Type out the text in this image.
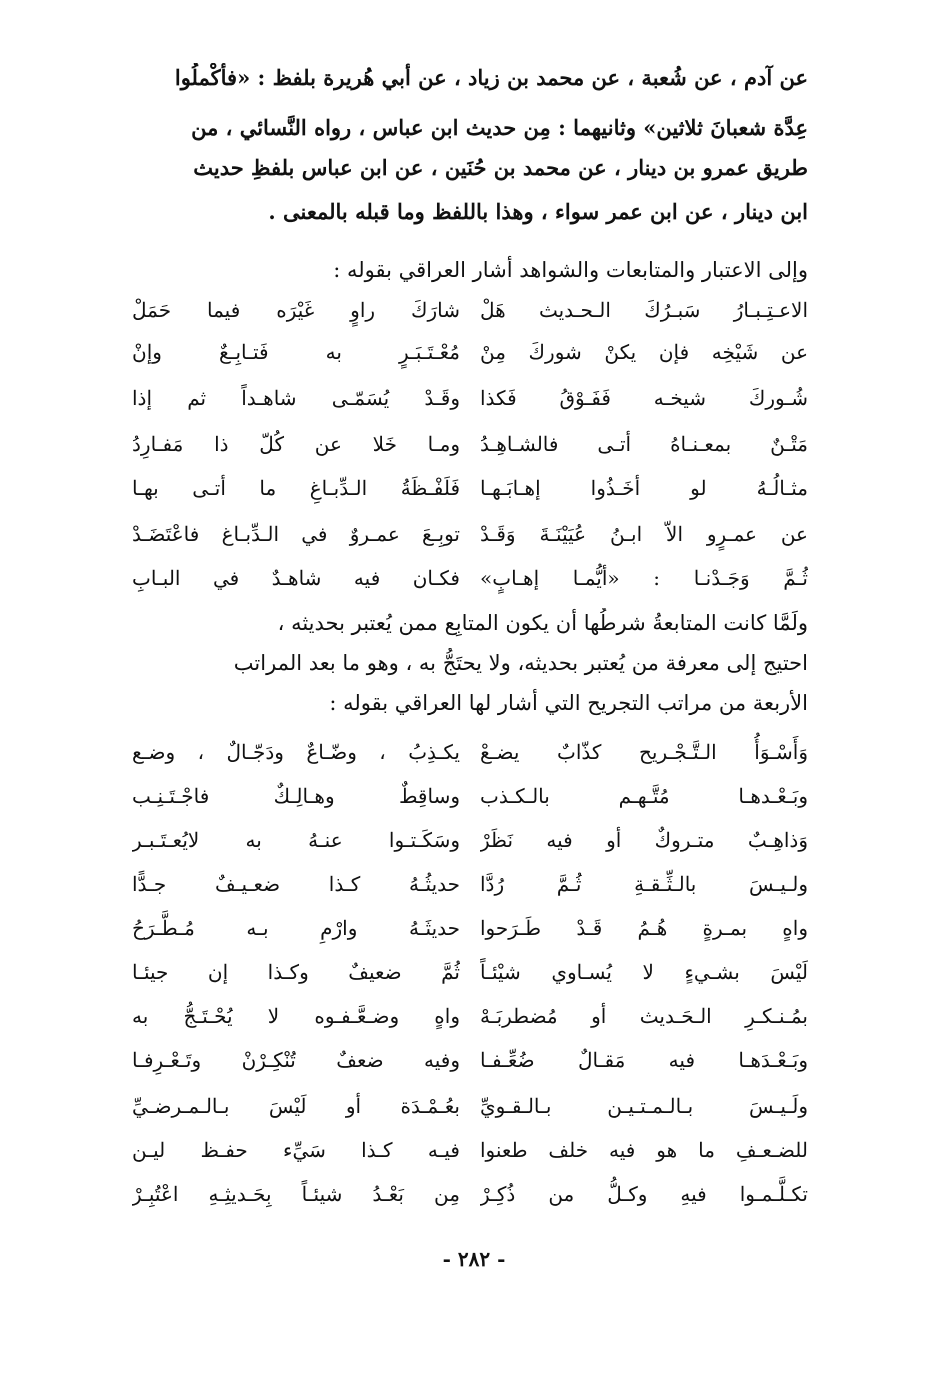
عن آدم ، عن شُعبة ، عن محمد بن زياد ، عن أبي هُريرة بلفظ : «فأكْملُوا
عِدَّة شعبانَ ثلاثين» وثانيهما : مِن حديث ابن عباس ، رواه النَّسائي ، من
طريق عمرو بن دينار ، عن محمد بن حُنَين ، عن ابن عباس بلفظِ حديث
ابن دينار ، عن ابن عمر سواء ، وهذا باللفظ وما قبله بالمعنى .
وإلى الاعتبار والمتابعات والشواهد أشار العراقي بقوله :
الاعـتِـبـارُ سَبـرُكَ الـحـديث هَلْ
شارَكَ راوٍ غَيْرَه فيما حَمَلْ
عن شَيْخِه فإن يكنْ شوركَ مِنْ
مُعْـتَـبَـرٍ به فَتـابِـعٌ وإنْ
شُـوركَ شيخـه فَفَـوْقُ فَكذا
وقَـدْ يُسَمّـى شاهـداً ثم إذا
مَتْـنٌ بمعـنـاهُ أتـى فالشـاهِـدُ
ومـا خَلا عن كُلّ ذا مَفـارِدُ
مثـالُـهُ لو أخَـذُوا إهـابَـهـا
فَلَفْـظَةُ الـدِّبـاغِ ما أتـى بهـا
عن عمـرٍو الاّ ابـنُ عُيَيْنَـةَ وَقَـدْ
توبِـعَ عمـروٌ في الـدِّبـاغ فاعْتَضَـدْ
ثُـمَّ وَجَـدْنـا : «أيُّمـا إهـابٍ»
فكـان فيه شاهـدٌ في البـابِ
ولَمَّا كانت المتابعةُ شرطُها أن يكون المتابِع ممن يُعتبر بحديثه ،
احتيج إلى معرفة من يُعتبر بحديثه، ولا يحتَجُّ به ، وهو ما بعد المراتب
الأربعة من مراتب التجريح التي أشار لها العراقي بقوله :
وَأَسْـوَأُ الـتَّـجْـريح كذّابٌ يضـعْ
يكـذِبُ ، وضّـاعٌ ودَجّـالٌ ، وضـع
وبَـعْـدهـا مُتَّـهـم بالـكـذب
وساقِطٌ وهـالِـكٌ فاجْـتَـنِـب
وَذاهِـبٌ متـروكٌ أو فيه نَظَرْ
وسَكَـتـوا عنـهُ به لايُعـتَـبـر
ولـيـسَ بالـثِّـقـةِ ثُـمَّ رُدَّا
حديثُـهُ كـذا ضعـيـفٌ جـدًّا
واهٍ بمـرةٍ هُـمُ قَـدْ طَـرَحوا
حديثَـهُ وارْمِ بـه مُـطَّـرَحُ
لَيْسَ بشـيءٍ لا يُسـاوي شيْئـاً
ثُمَّ ضعيفٌ وكـذا إن جيئـا
بمُـنـكـرِ الـحَـديث أو مُضطربَـهْ
واهٍ وضـعَّـفـوه لا يُحْـتَـجُّ به
وبَـعْـدَهـا فيه مَقـالٌ ضُعِّـفـا
وفيه ضعفٌ تُنْكِـرْنْ وتَـعْـرِفـا
ولَـيـسَ بـالـمـتـيـن بـالـقـويِّ
بعُـمْـدَة أو لَيْسَ بـالـمـرضـيِّ
للضـعـفِ ما هو فيه خلف طعنوا
فيـه كـذا سَيِّء حفـظ ليـن
تكـلَّـمـوا فيهِ وكـلُّ من ذُكِـرْ
مِن بَعْـدُ شيئـاً بِحَـديثِـهِ اعْتُبِـرْ
- ٢٨٢ -
